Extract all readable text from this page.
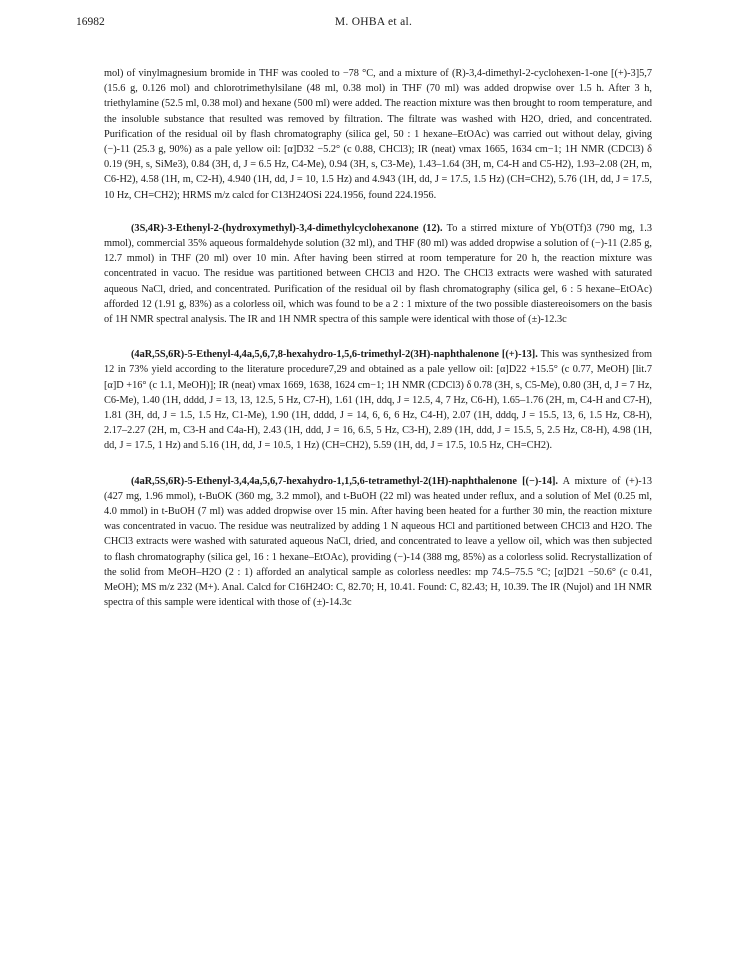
16982	M. OHBA et al.

mol) of vinylmagnesium bromide in THF was cooled to −78 °C, and a mixture of (R)-3,4-dimethyl-2-cyclohexen-1-one [(+)-3]5,7 (15.6 g, 0.126 mol) and chlorotrimethylsilane (48 ml, 0.38 mol) in THF (70 ml) was added dropwise over 1.5 h. After 3 h, triethylamine (52.5 ml, 0.38 mol) and hexane (500 ml) were added. The reaction mixture was then brought to room temperature, and the insoluble substance that resulted was removed by filtration. The filtrate was washed with H2O, dried, and concentrated. Purification of the residual oil by flash chromatography (silica gel, 50 : 1 hexane–EtOAc) was carried out without delay, giving (−)-11 (25.3 g, 90%) as a pale yellow oil: [α]D32 −5.2° (c 0.88, CHCl3); IR (neat) νmax 1665, 1634 cm−1; 1H NMR (CDCl3) δ 0.19 (9H, s, SiMe3), 0.84 (3H, d, J = 6.5 Hz, C4-Me), 0.94 (3H, s, C3-Me), 1.43–1.64 (3H, m, C4-H and C5-H2), 1.93–2.08 (2H, m, C6-H2), 4.58 (1H, m, C2-H), 4.940 (1H, dd, J = 10, 1.5 Hz) and 4.943 (1H, dd, J = 17.5, 1.5 Hz) (CH=CH2), 5.76 (1H, dd, J = 17.5, 10 Hz, CH=CH2); HRMS m/z calcd for C13H24OSi 224.1956, found 224.1956.

(3S,4R)-3-Ethenyl-2-(hydroxymethyl)-3,4-dimethylcyclohexanone (12). To a stirred mixture of Yb(OTf)3 (790 mg, 1.3 mmol), commercial 35% aqueous formaldehyde solution (32 ml), and THF (80 ml) was added dropwise a solution of (−)-11 (2.85 g, 12.7 mmol) in THF (20 ml) over 10 min. After having been stirred at room temperature for 20 h, the reaction mixture was concentrated in vacuo. The residue was partitioned between CHCl3 and H2O. The CHCl3 extracts were washed with saturated aqueous NaCl, dried, and concentrated. Purification of the residual oil by flash chromatography (silica gel, 6 : 5 hexane–EtOAc) afforded 12 (1.91 g, 83%) as a colorless oil, which was found to be a 2 : 1 mixture of the two possible diastereoisomers on the basis of 1H NMR spectral analysis. The IR and 1H NMR spectra of this sample were identical with those of (±)-12.3c

(4aR,5S,6R)-5-Ethenyl-4,4a,5,6,7,8-hexahydro-1,5,6-trimethyl-2(3H)-naphthalenone [(+)-13]. This was synthesized from 12 in 73% yield according to the literature procedure7,29 and obtained as a pale yellow oil: [α]D22 +15.5° (c 0.77, MeOH) [lit.7 [α]D +16° (c 1.1, MeOH)]; IR (neat) νmax 1669, 1638, 1624 cm−1; 1H NMR (CDCl3) δ 0.78 (3H, s, C5-Me), 0.80 (3H, d, J = 7 Hz, C6-Me), 1.40 (1H, dddd, J = 13, 13, 12.5, 5 Hz, C7-H), 1.61 (1H, ddq, J = 12.5, 4, 7 Hz, C6-H), 1.65–1.76 (2H, m, C4-H and C7-H), 1.81 (3H, dd, J = 1.5, 1.5 Hz, C1-Me), 1.90 (1H, dddd, J = 14, 6, 6, 6 Hz, C4-H), 2.07 (1H, dddq, J = 15.5, 13, 6, 1.5 Hz, C8-H), 2.17–2.27 (2H, m, C3-H and C4a-H), 2.43 (1H, ddd, J = 16, 6.5, 5 Hz, C3-H), 2.89 (1H, ddd, J = 15.5, 5, 2.5 Hz, C8-H), 4.98 (1H, dd, J = 17.5, 1 Hz) and 5.16 (1H, dd, J = 10.5, 1 Hz) (CH=CH2), 5.59 (1H, dd, J = 17.5, 10.5 Hz, CH=CH2).

(4aR,5S,6R)-5-Ethenyl-3,4,4a,5,6,7-hexahydro-1,1,5,6-tetramethyl-2(1H)-naphthalenone [(−)-14]. A mixture of (+)-13 (427 mg, 1.96 mmol), t-BuOK (360 mg, 3.2 mmol), and t-BuOH (22 ml) was heated under reflux, and a solution of MeI (0.25 ml, 4.0 mmol) in t-BuOH (7 ml) was added dropwise over 15 min. After having been heated for a further 30 min, the reaction mixture was concentrated in vacuo. The residue was neutralized by adding 1 N aqueous HCl and partitioned between CHCl3 and H2O. The CHCl3 extracts were washed with saturated aqueous NaCl, dried, and concentrated to leave a yellow oil, which was then subjected to flash chromatography (silica gel, 16 : 1 hexane–EtOAc), providing (−)-14 (388 mg, 85%) as a colorless solid. Recrystallization of the solid from MeOH–H2O (2 : 1) afforded an analytical sample as colorless needles: mp 74.5–75.5 °C; [α]D21 −50.6° (c 0.41, MeOH); MS m/z 232 (M+). Anal. Calcd for C16H24O: C, 82.70; H, 10.41. Found: C, 82.43; H, 10.39. The IR (Nujol) and 1H NMR spectra of this sample were identical with those of (±)-14.3c
